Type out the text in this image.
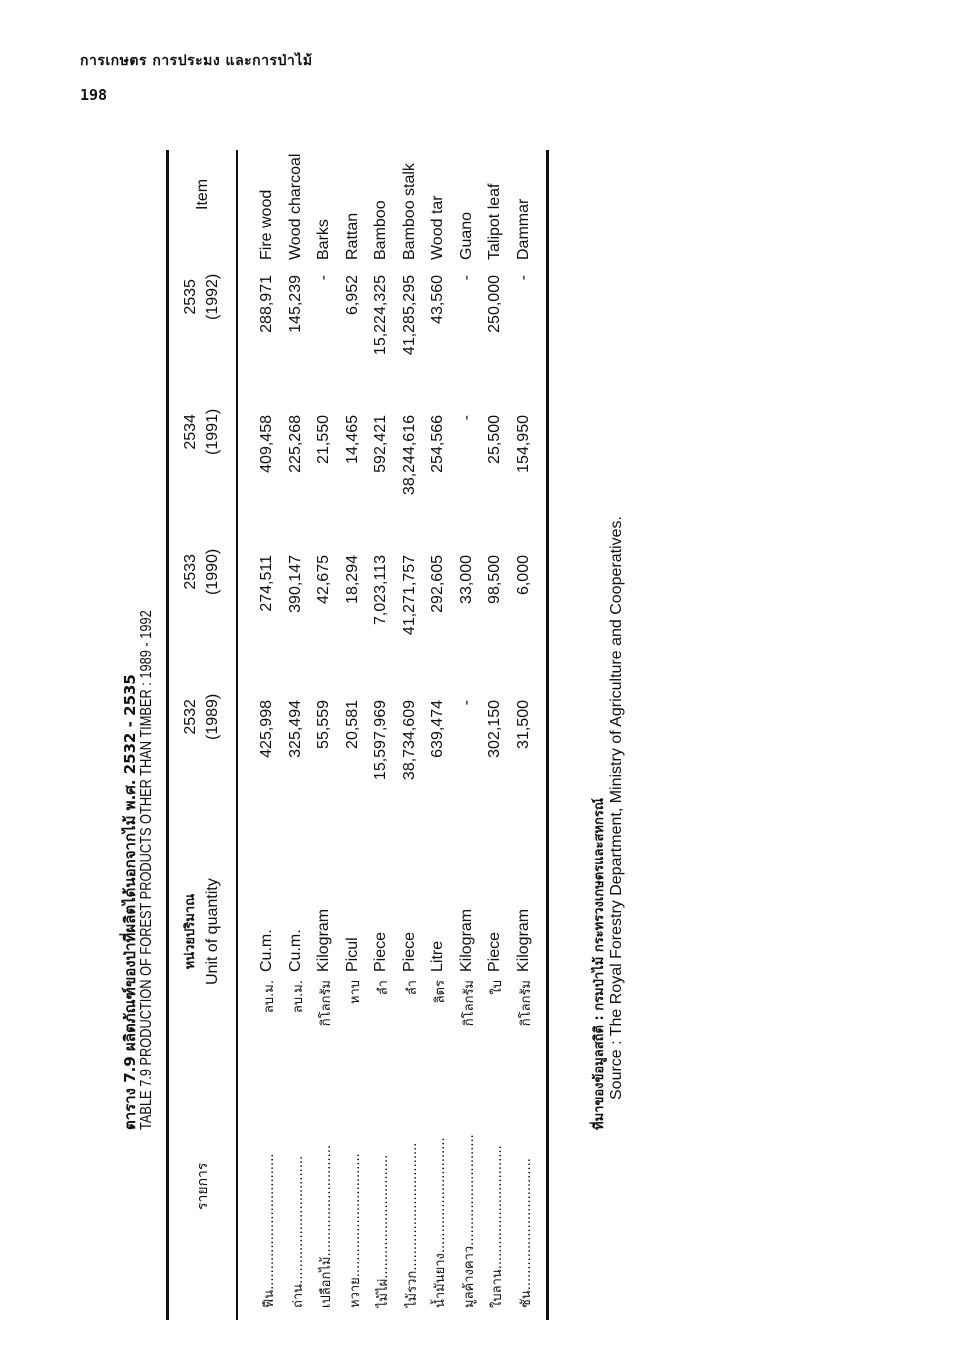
การเกษตร การประมง และการป่าไม้
198
ตาราง 7.9 ผลิตภัณฑ์ของป่าที่ผลิตได้นอกจากไม้ พ.ศ. 2532 - 2535 TABLE 7.9 PRODUCTION OF FOREST PRODUCTS OTHER THAN TIMBER : 1989 - 1992
รายการ
หน่วยปริมาณ Unit of quantity
2532 (1989)
2533 (1990)
2534 (1991)
2535 (1992)
Item
ฟืน.................................
ลบ.ม.
Cu.m.
425,998
274,511
409,458
288,971
Fire wood
ถ่าน...............................
ลบ.ม.
Cu.m.
325,494
390,147
225,268
145,239
Wood charcoal
เปลือกไม้...........................
กิโลกรัม
Kilogram
55,559
42,675
21,550
-
Barks
หวาย..............................
หาบ
Picul
20,581
18,294
14,465
6,952
Rattan
ไม้ไผ่..............................
ลำ
Piece
15,597,969
7,023,113
592,421
15,224,325
Bamboo
ไม้รวก...............................
ลำ
Piece
38,734,609
41,271,757
38,244,616
41,285,295
Bamboo stalk
น้ำมันยาง............................
ลิตร
Litre
639,474
292,605
254,566
43,560
Wood tar
มูลค้างคาว...........................
กิโลกรัม
Kilogram
-
33,000
-
-
Guano
ใบลาน..............................
ใบ
Piece
302,150
98,500
25,500
250,000
Talipot leaf
ชัน................................
กิโลกรัม
Kilogram
31,500
6,000
154,950
-
Dammar
ที่มาของข้อมูลสถิติ : กรมป่าไม้ กระทรวงเกษตรและสหกรณ์ Source : The Royal Forestry Department, Ministry of Agriculture and Cooperatives.
